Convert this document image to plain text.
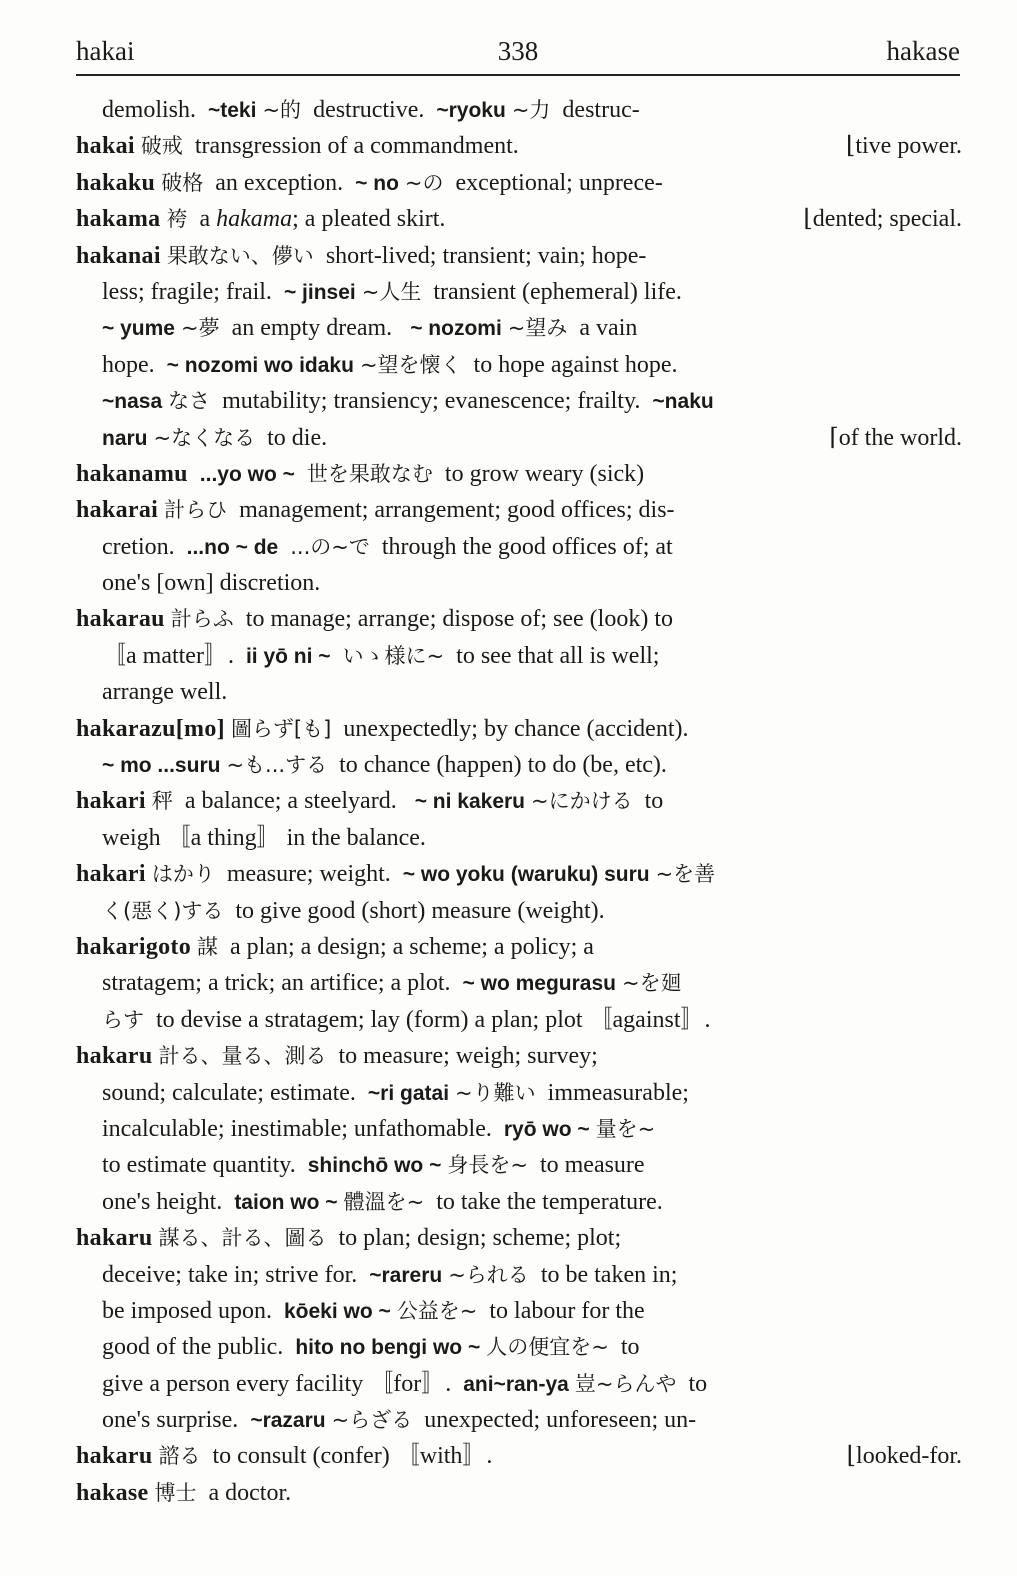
hakai	338	hakase
demolish.  ~teki ~的  destructive.  ~ryoku ~力  destruc-
hakai 破戒  transgression of a commandment.	⌊tive power.
hakaku 破格  an exception.  ~ no ~の  exceptional; unprece-
hakama 袴  a hakama; a pleated skirt.	⌊dented; special.
hakanai 果敢ない、儚い  short-lived; transient; vain; hope-
less; fragile; frail.  ~ jinsei ~人生  transient (ephemeral) life.
~ yume ~夢  an empty dream.   ~ nozomi ~望み  a vain
hope.  ~ nozomi wo idaku ~望を懐く  to hope against hope.
~nasa なさ  mutability; transiency; evanescence; frailty.  ~naku
naru ~なくなる  to die.	⌈of the world.
hakanamu ...yo wo ~ 世を果敢なむ  to grow weary (sick)
hakarai 計らひ  management; arrangement; good offices; dis-
cretion.  ...no ~ de ...の~で  through the good offices of; at
one's [own] discretion.
hakarau 計らふ  to manage; arrange; dispose of; see (look) to
〚a matter〛.  ii yō ni ~ いゝ様に~  to see that all is well;
arrange well.
hakarazu[mo] 圖らず[も]  unexpectedly; by chance (accident).
~ mo ...suru ~も...する  to chance (happen) to do (be, etc).
hakari 秤  a balance; a steelyard.   ~ ni kakeru ~にかける  to
weigh 〚a thing〛 in the balance.
hakari はかり  measure; weight.  ~ wo yoku (waruku) suru ~を善
く(惡く)する  to give good (short) measure (weight).
hakarigoto 謀  a plan; a design; a scheme; a policy; a
stratagem; a trick; an artifice; a plot.  ~ wo megurasu ~を廻
らす  to devise a stratagem; lay (form) a plan; plot 〚against〛.
hakaru 計る、量る、測る  to measure; weigh; survey;
sound; calculate; estimate.  ~ri gatai ~り難い  immeasurable;
incalculable; inestimable; unfathomable.  ryō wo ~ 量を~
to estimate quantity.  shinchō wo ~ 身長を~  to measure
one's height.  taion wo ~ 體溫を~  to take the temperature.
hakaru 謀る、計る、圖る  to plan; design; scheme; plot;
deceive; take in; strive for.  ~rareru ~られる  to be taken in;
be imposed upon.  kōeki wo ~ 公益を~  to labour for the
good of the public.  hito no bengi wo ~ 人の便宜を~  to
give a person every facility 〚for〛.  ani~ran-ya 豈~らんや  to
one's surprise.  ~razaru ~らざる  unexpected; unforeseen; un-
hakaru 諮る  to consult (confer) 〚with〛.	⌊looked-for.
hakase 博士  a doctor.
